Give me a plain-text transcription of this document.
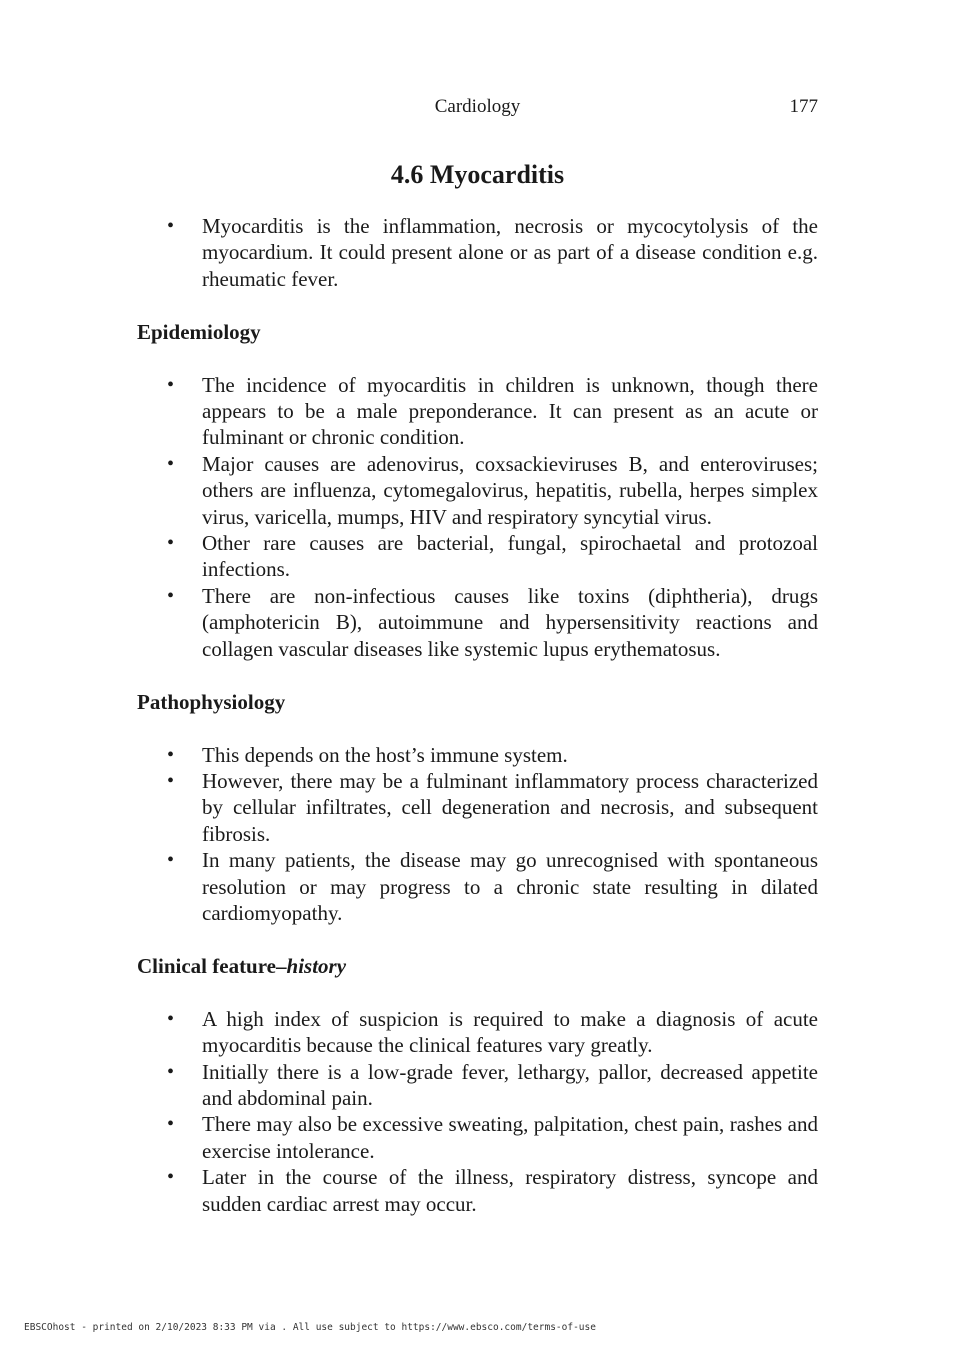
Cardiology	177
4.6 Myocarditis
• Myocarditis is the inflammation, necrosis or mycocytolysis of the myocardium. It could present alone or as part of a disease condition e.g. rheumatic fever.
Epidemiology
• The incidence of myocarditis in children is unknown, though there appears to be a male preponderance. It can present as an acute or fulminant or chronic condition.
• Major causes are adenovirus, coxsackieviruses B, and enteroviruses; others are influenza, cytomegalovirus, hepatitis, rubella, herpes simplex virus, varicella, mumps, HIV and respiratory syncytial virus.
• Other rare causes are bacterial, fungal, spirochaetal and protozoal infections.
• There are non-infectious causes like toxins (diphtheria), drugs (amphotericin B), autoimmune and hypersensitivity reactions and collagen vascular diseases like systemic lupus erythematosus.
Pathophysiology
• This depends on the host’s immune system.
• However, there may be a fulminant inflammatory process characterized by cellular infiltrates, cell degeneration and necrosis, and subsequent fibrosis.
• In many patients, the disease may go unrecognised with spontaneous resolution or may progress to a chronic state resulting in dilated cardiomyopathy.
Clinical feature–history
• A high index of suspicion is required to make a diagnosis of acute myocarditis because the clinical features vary greatly.
• Initially there is a low-grade fever, lethargy, pallor, decreased appetite and abdominal pain.
• There may also be excessive sweating, palpitation, chest pain, rashes and exercise intolerance.
• Later in the course of the illness, respiratory distress, syncope and sudden cardiac arrest may occur.
EBSCOhost - printed on 2/10/2023 8:33 PM via . All use subject to https://www.ebsco.com/terms-of-use
